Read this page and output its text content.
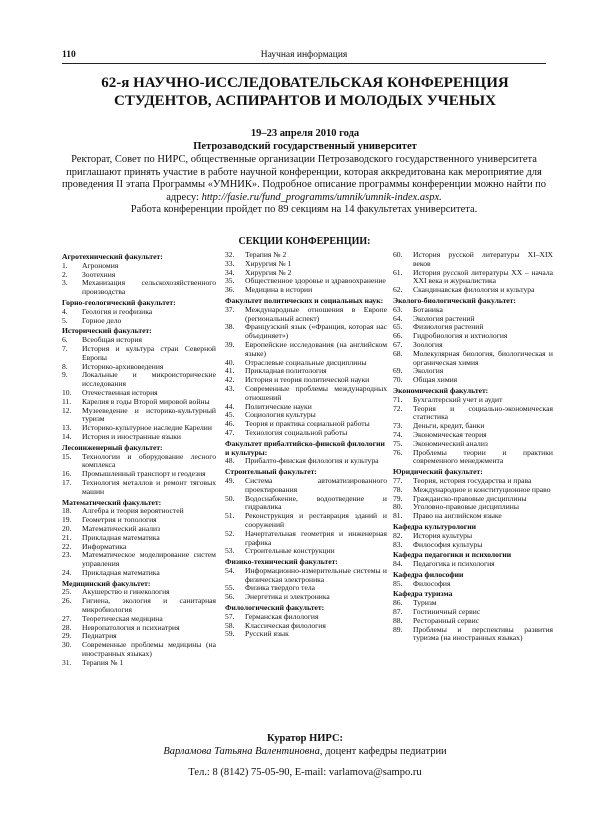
110	Научная информация
62-я НАУЧНО-ИССЛЕДОВАТЕЛЬСКАЯ КОНФЕРЕНЦИЯ
СТУДЕНТОВ, АСПИРАНТОВ И МОЛОДЫХ УЧЕНЫХ
19–23 апреля 2010 года
Петрозаводский государственный университет
Ректорат, Совет по НИРС, общественные организации Петрозаводского государственного университета приглашают принять участие в работе научной конференции, которая аккредитована как мероприятие для проведения II этапа Программы «УМНИК». Подробное описание программы конференции можно найти по адресу: http://fasie.ru/fund_programms/umnik/umnik-index.aspx.
Работа конференции пройдет по 89 секциям на 14 факультетах университета.
СЕКЦИИ КОНФЕРЕНЦИИ:
Агротехнический факультет:
1.	Агрономия
2.	Зоотехния
3.	Механизация сельскохозяйственного производства
Горно-геологический факультет:
4.	Геология и геофизика
5.	Горное дело
Исторический факультет:
6.	Всеобщая история
7.	История и культура стран Северной Европы
8.	Историко-архивоведения
9.	Локальные и микроисторические исследования
10.	Отечественная история
11.	Карелия в годы Второй мировой войны
12.	Музееведение и историко-культурный туризм
13.	Историко-культурное наследие Карелии
14.	История и иностранные языки
Лесоинженерный факультет:
15.	Технологии и оборудование лесного комплекса
16.	Промышленный транспорт и геодезия
17.	Технология металлов и ремонт тяговых машин
Математический факультет:
18.	Алгебра и теория вероятностей
19.	Геометрия и топология
20.	Математический анализ
21.	Прикладная математика
22.	Информатика
23.	Математическое моделирование систем управления
24.	Прикладная математика
Медицинский факультет:
25.	Акушерство и гинекология
26.	Гигиена, экология и санитарная микробиология
27.	Теоретическая медицина
28.	Невропатология и психиатрия
29.	Педиатрия
30.	Современные проблемы медицины (на иностранных языках)
31.	Терапия № 1
32.	Терапия № 2
33.	Хирургия № 1
34.	Хирургия № 2
35.	Общественное здоровье и здравоохранение
36.	Медицина в истории
Факультет политических и социальных наук:
37.	Международные отношения в Европе (региональный аспект)
38.	Французский язык («Франция, которая нас объединяет»)
39.	Европейские исследования (на английском языке)
40.	Отраслевые социальные дисциплины
41.	Прикладная политология
42.	История и теория политической науки
43.	Современные проблемы международных отношений
44.	Политические науки
45.	Социология культуры
46.	Теория и практика социальной работы
47.	Технология социальной работы
Факультет прибалтийско-финской филологии и культуры:
48.	Прибалто-финская филология и культура
Строительный факультет:
49.	Система автоматизированного проектирования
50.	Водоснабжение, водоотведение и гидравлика
51.	Реконструкция и реставрация зданий и сооружений
52.	Начертательная геометрия и инженерная графика
53.	Строительные конструкции
Физико-технический факультет:
54.	Информационно-измерительные системы и физическая электроника
55.	Физика твердого тела
56.	Энергетика и электроника
Филологический факультет:
57.	Германская филология
58.	Классическая филология
59.	Русский язык
60.	История русской литературы XI–XIX веков
61.	История русской литературы XX – начала XXI века и журналистика
62.	Скандинавская филология и культура
Эколого-биологический факультет:
63.	Ботаника
64.	Экология растений
65.	Физиология растений
66.	Гидробиология и ихтиология
67.	Зоология
68.	Молекулярная биология, биологическая и органическая химия
69.	Экология
70.	Общая химия
Экономический факультет:
71.	Бухгалтерский учет и аудит
72.	Теория и социально-экономическая статистика
73.	Деньги, кредит, банки
74.	Экономическая теория
75.	Экономический анализ
76.	Проблемы теории и практики современного менеджмента
Юридический факультет:
77.	Теория, история государства и права
78.	Международное и конституционное право
79.	Гражданско-правовые дисциплины
80.	Уголовно-правовые дисциплины
81.	Право на английском языке
Кафедра культурологии
82.	История культуры
83.	Философия культуры
Кафедра педагогики и психологии
84.	Педагогика и психология
Кафедра философии
85.	Философия
Кафедра туризма
86.	Туризм
87.	Гостиничный сервис
88.	Ресторанный сервис
89.	Проблемы и перспективы развития туризма (на иностранных языках)
Куратор НИРС:
Варламова Татьяна Валентиновна, доцент кафедры педиатрии
Тел.: 8 (8142) 75-05-90, E-mail: varlamova@sampo.ru
